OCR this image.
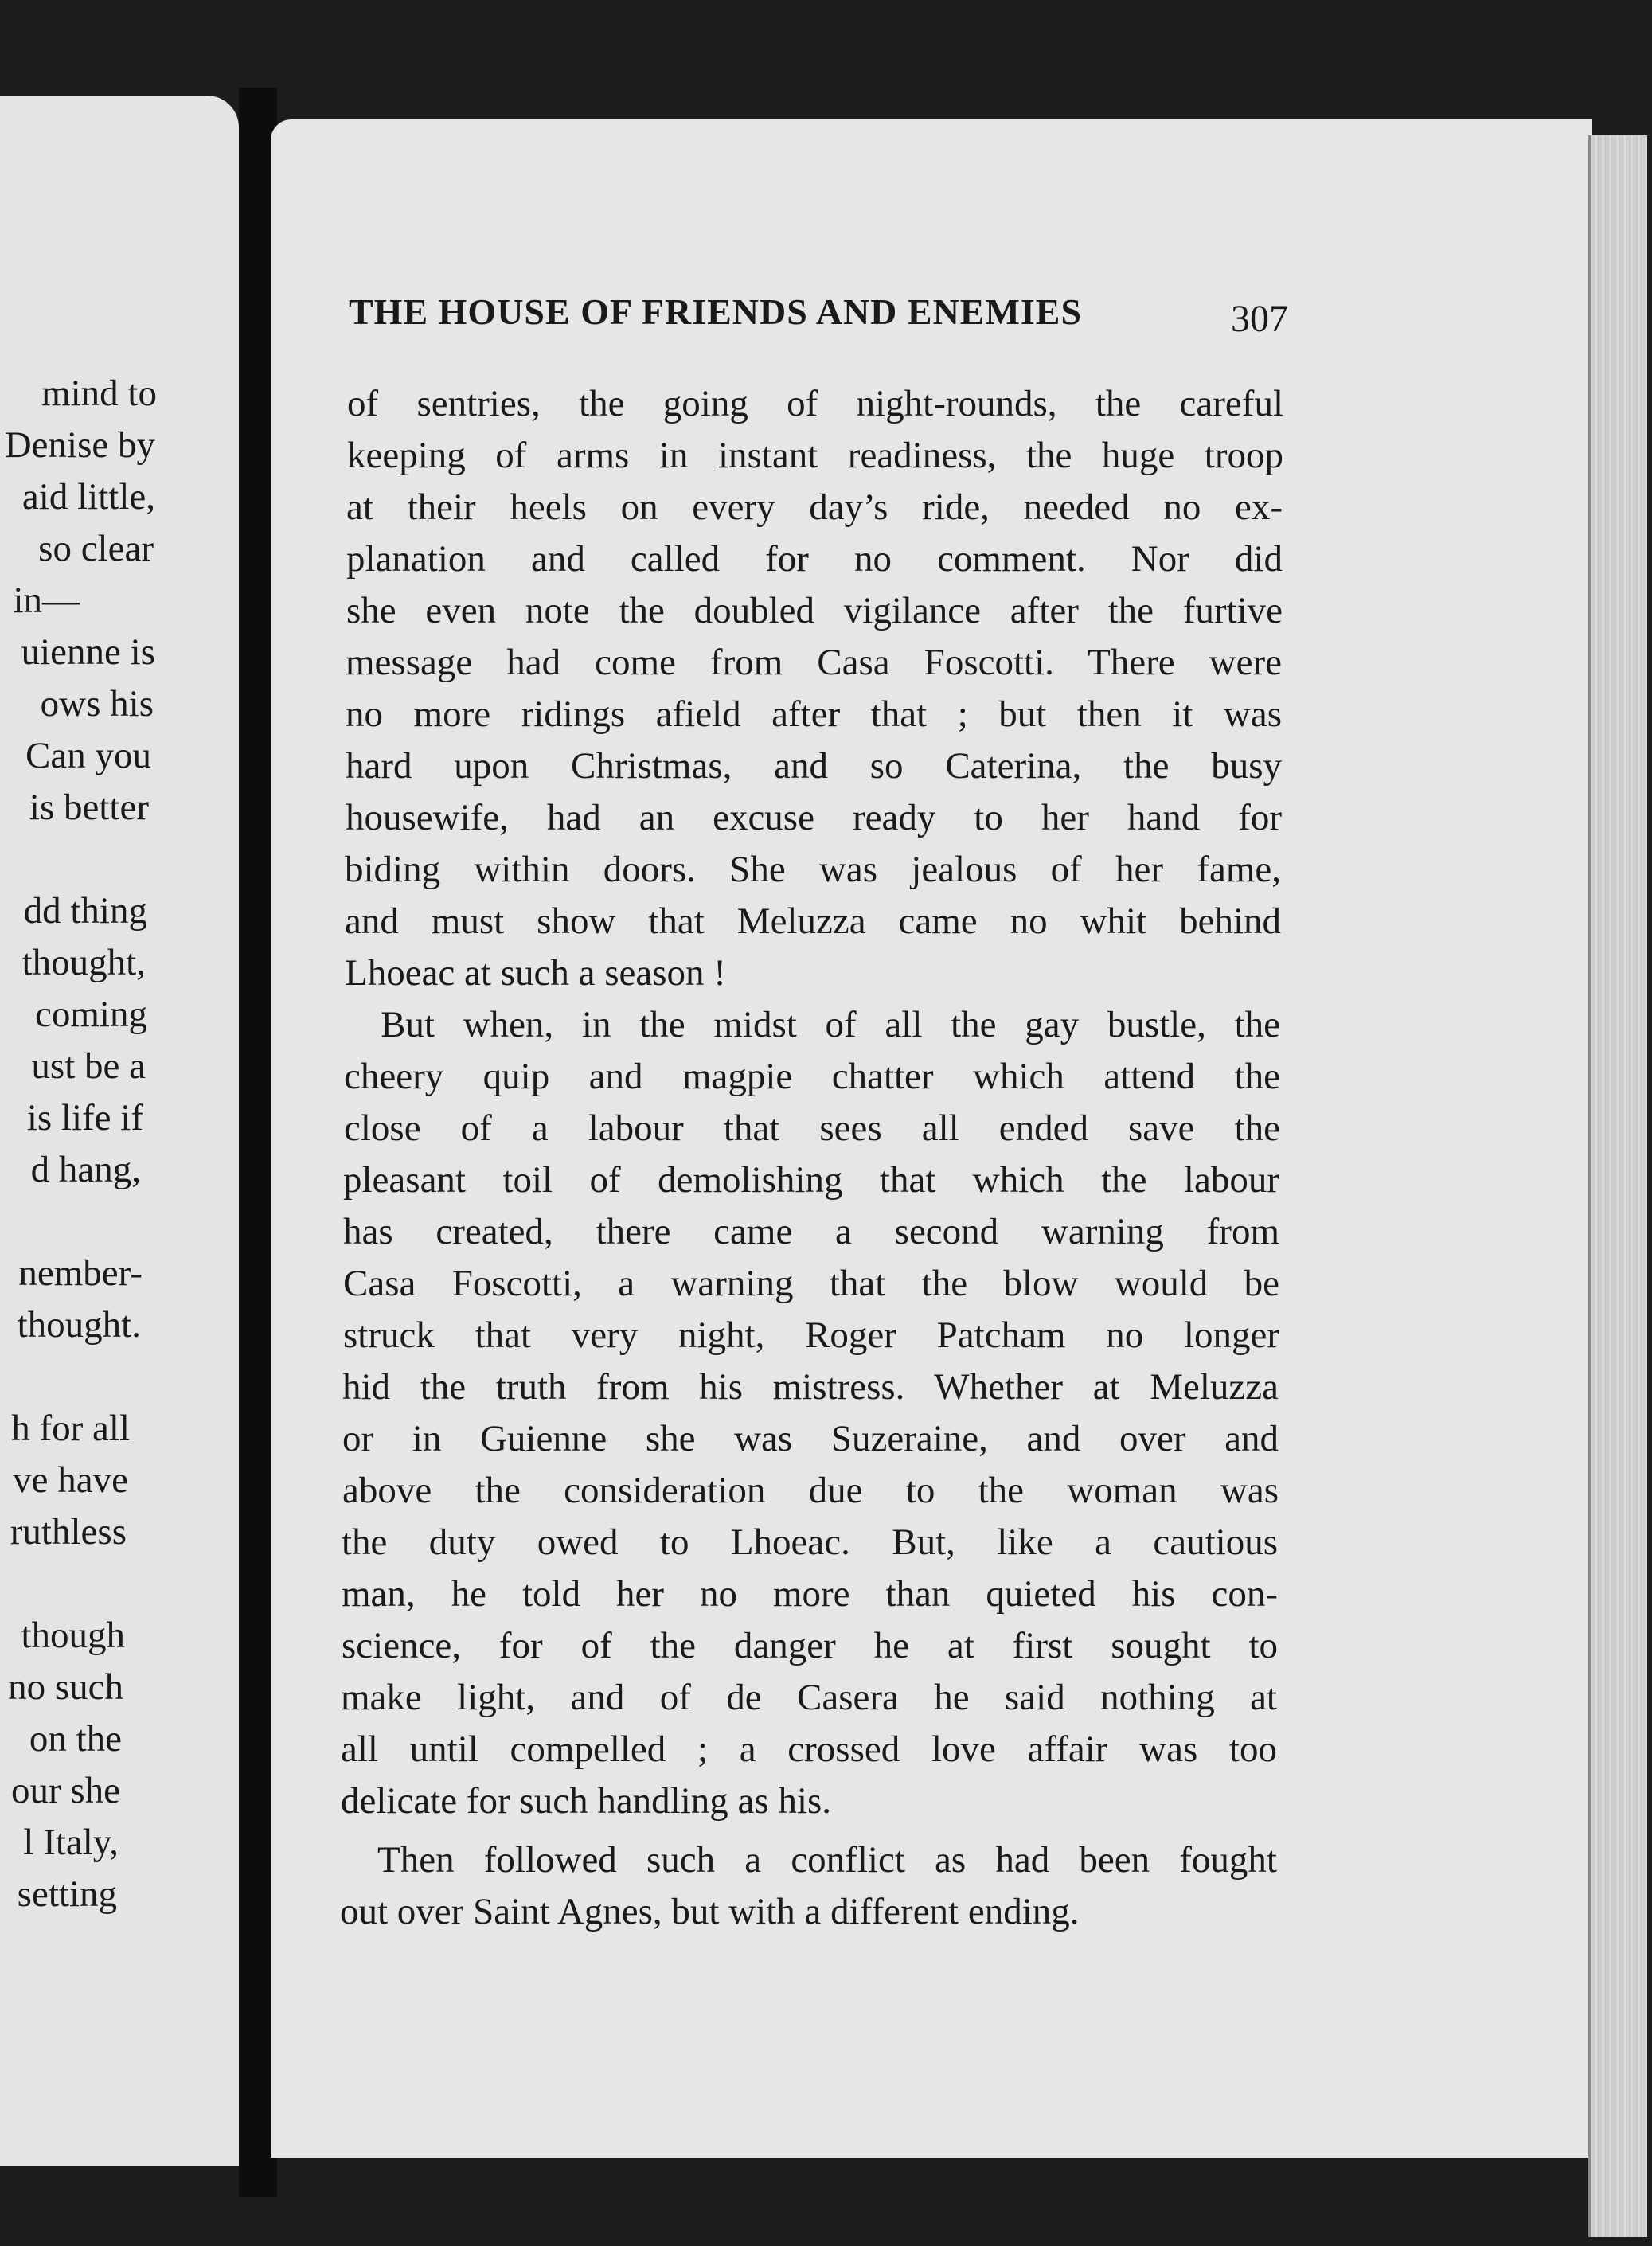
mind to
Denise by
aid little,
so clear
in—
uienne is
ows his
Can you
is better
dd thing
thought,
coming
ust be a
is life if
d hang,
nember-
thought.
h for all
ve have
ruthless
though
no such
on the
our she
l Italy,
setting
THE HOUSE OF FRIENDS AND ENEMIES	307
of sentries, the going of night-rounds, the careful
keeping of arms in instant readiness, the huge troop
at their heels on every day’s ride, needed no ex-
planation and called for no comment. Nor did
she even note the doubled vigilance after the furtive
message had come from Casa Foscotti. There were
no more ridings afield after that ; but then it was
hard upon Christmas, and so Caterina, the busy
housewife, had an excuse ready to her hand for
biding within doors. She was jealous of her fame,
and must show that Meluzza came no whit behind
Lhoeac at such a season !
But when, in the midst of all the gay bustle, the
cheery quip and magpie chatter which attend the
close of a labour that sees all ended save the
pleasant toil of demolishing that which the labour
has created, there came a second warning from
Casa Foscotti, a warning that the blow would be
struck that very night, Roger Patcham no longer
hid the truth from his mistress. Whether at Meluzza
or in Guienne she was Suzeraine, and over and
above the consideration due to the woman was
the duty owed to Lhoeac. But, like a cautious
man, he told her no more than quieted his con-
science, for of the danger he at first sought to
make light, and of de Casera he said nothing at
all until compelled ; a crossed love affair was too
delicate for such handling as his.
Then followed such a conflict as had been fought
out over Saint Agnes, but with a different ending.
